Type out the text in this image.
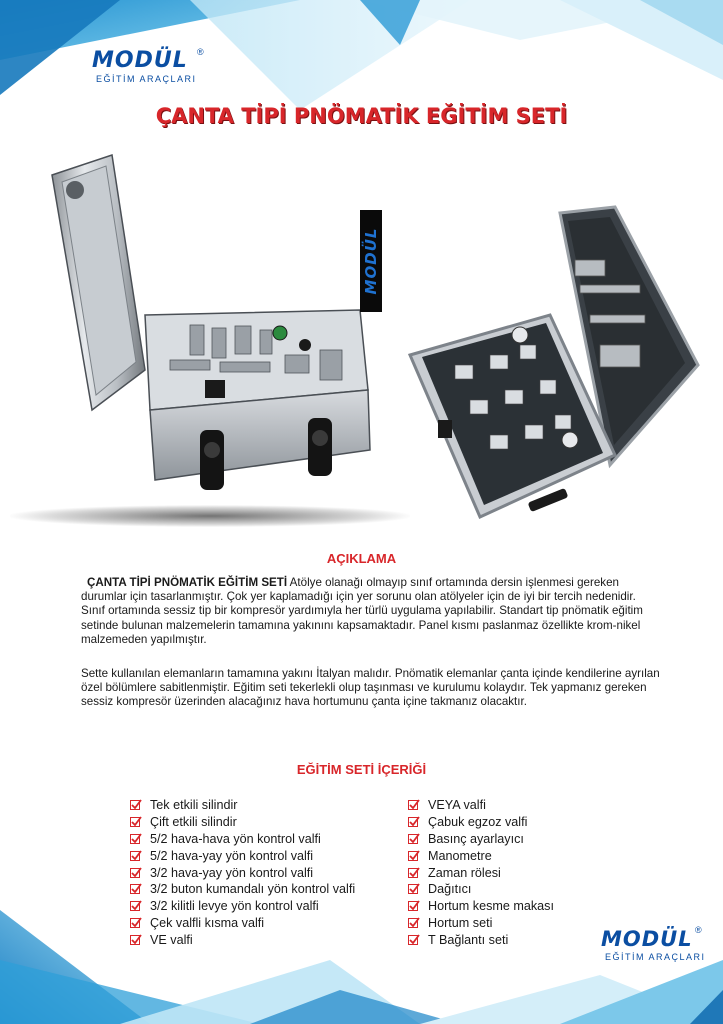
MODÜL	®
EĞİTİM ARAÇLARI
ÇANTA TİPİ PNÖMATİK EĞİTİM SETİ
MODÜL
AÇIKLAMA

ÇANTA TİPİ PNÖMATİK EĞİTİM SETİ Atölye olanağı olmayıp sınıf ortamında dersin işlenmesi gereken durumlar için tasarlanmıştır. Çok yer kaplamadığı için yer sorunu olan atölyeler için de iyi bir tercih nedenidir. Sınıf ortamında sessiz tip bir kompresör yardımıyla her türlü uygulama yapılabilir. Standart tip pnömatik eğitim setinde bulunan malzemelerin tamamına yakınını kapsamaktadır. Panel kısmı paslanmaz özellikte krom-nikel malzemeden yapılmıştır.

Sette kullanılan elemanların tamamına yakını İtalyan malıdır. Pnömatik elemanlar çanta içinde kendilerine ayrılan özel bölümlere sabitlenmiştir. Eğitim seti tekerlekli olup taşınması ve kurulumu kolaydır. Tek yapmanız gereken sessiz kompresör üzerinden alacağınız hava hortumunu çanta içine takmanız olacaktır.

EĞİTİM SETİ İÇERİĞİ
Tek etkili silindir
Çift etkili silindir
5/2 hava-hava yön kontrol valfi
5/2 hava-yay yön kontrol valfi
3/2 hava-yay yön kontrol valfi
3/2 buton kumandalı yön kontrol valfi
3/2 kilitli levye yön kontrol valfi
Çek valfli kısma valfi
VE valfi
VEYA valfi
Çabuk egzoz valfi
Basınç ayarlayıcı
Manometre
Zaman rölesi
Dağıtıcı
Hortum kesme makası
Hortum seti
T Bağlantı seti	MODÜL ®
EĞİTİM ARAÇLARI
